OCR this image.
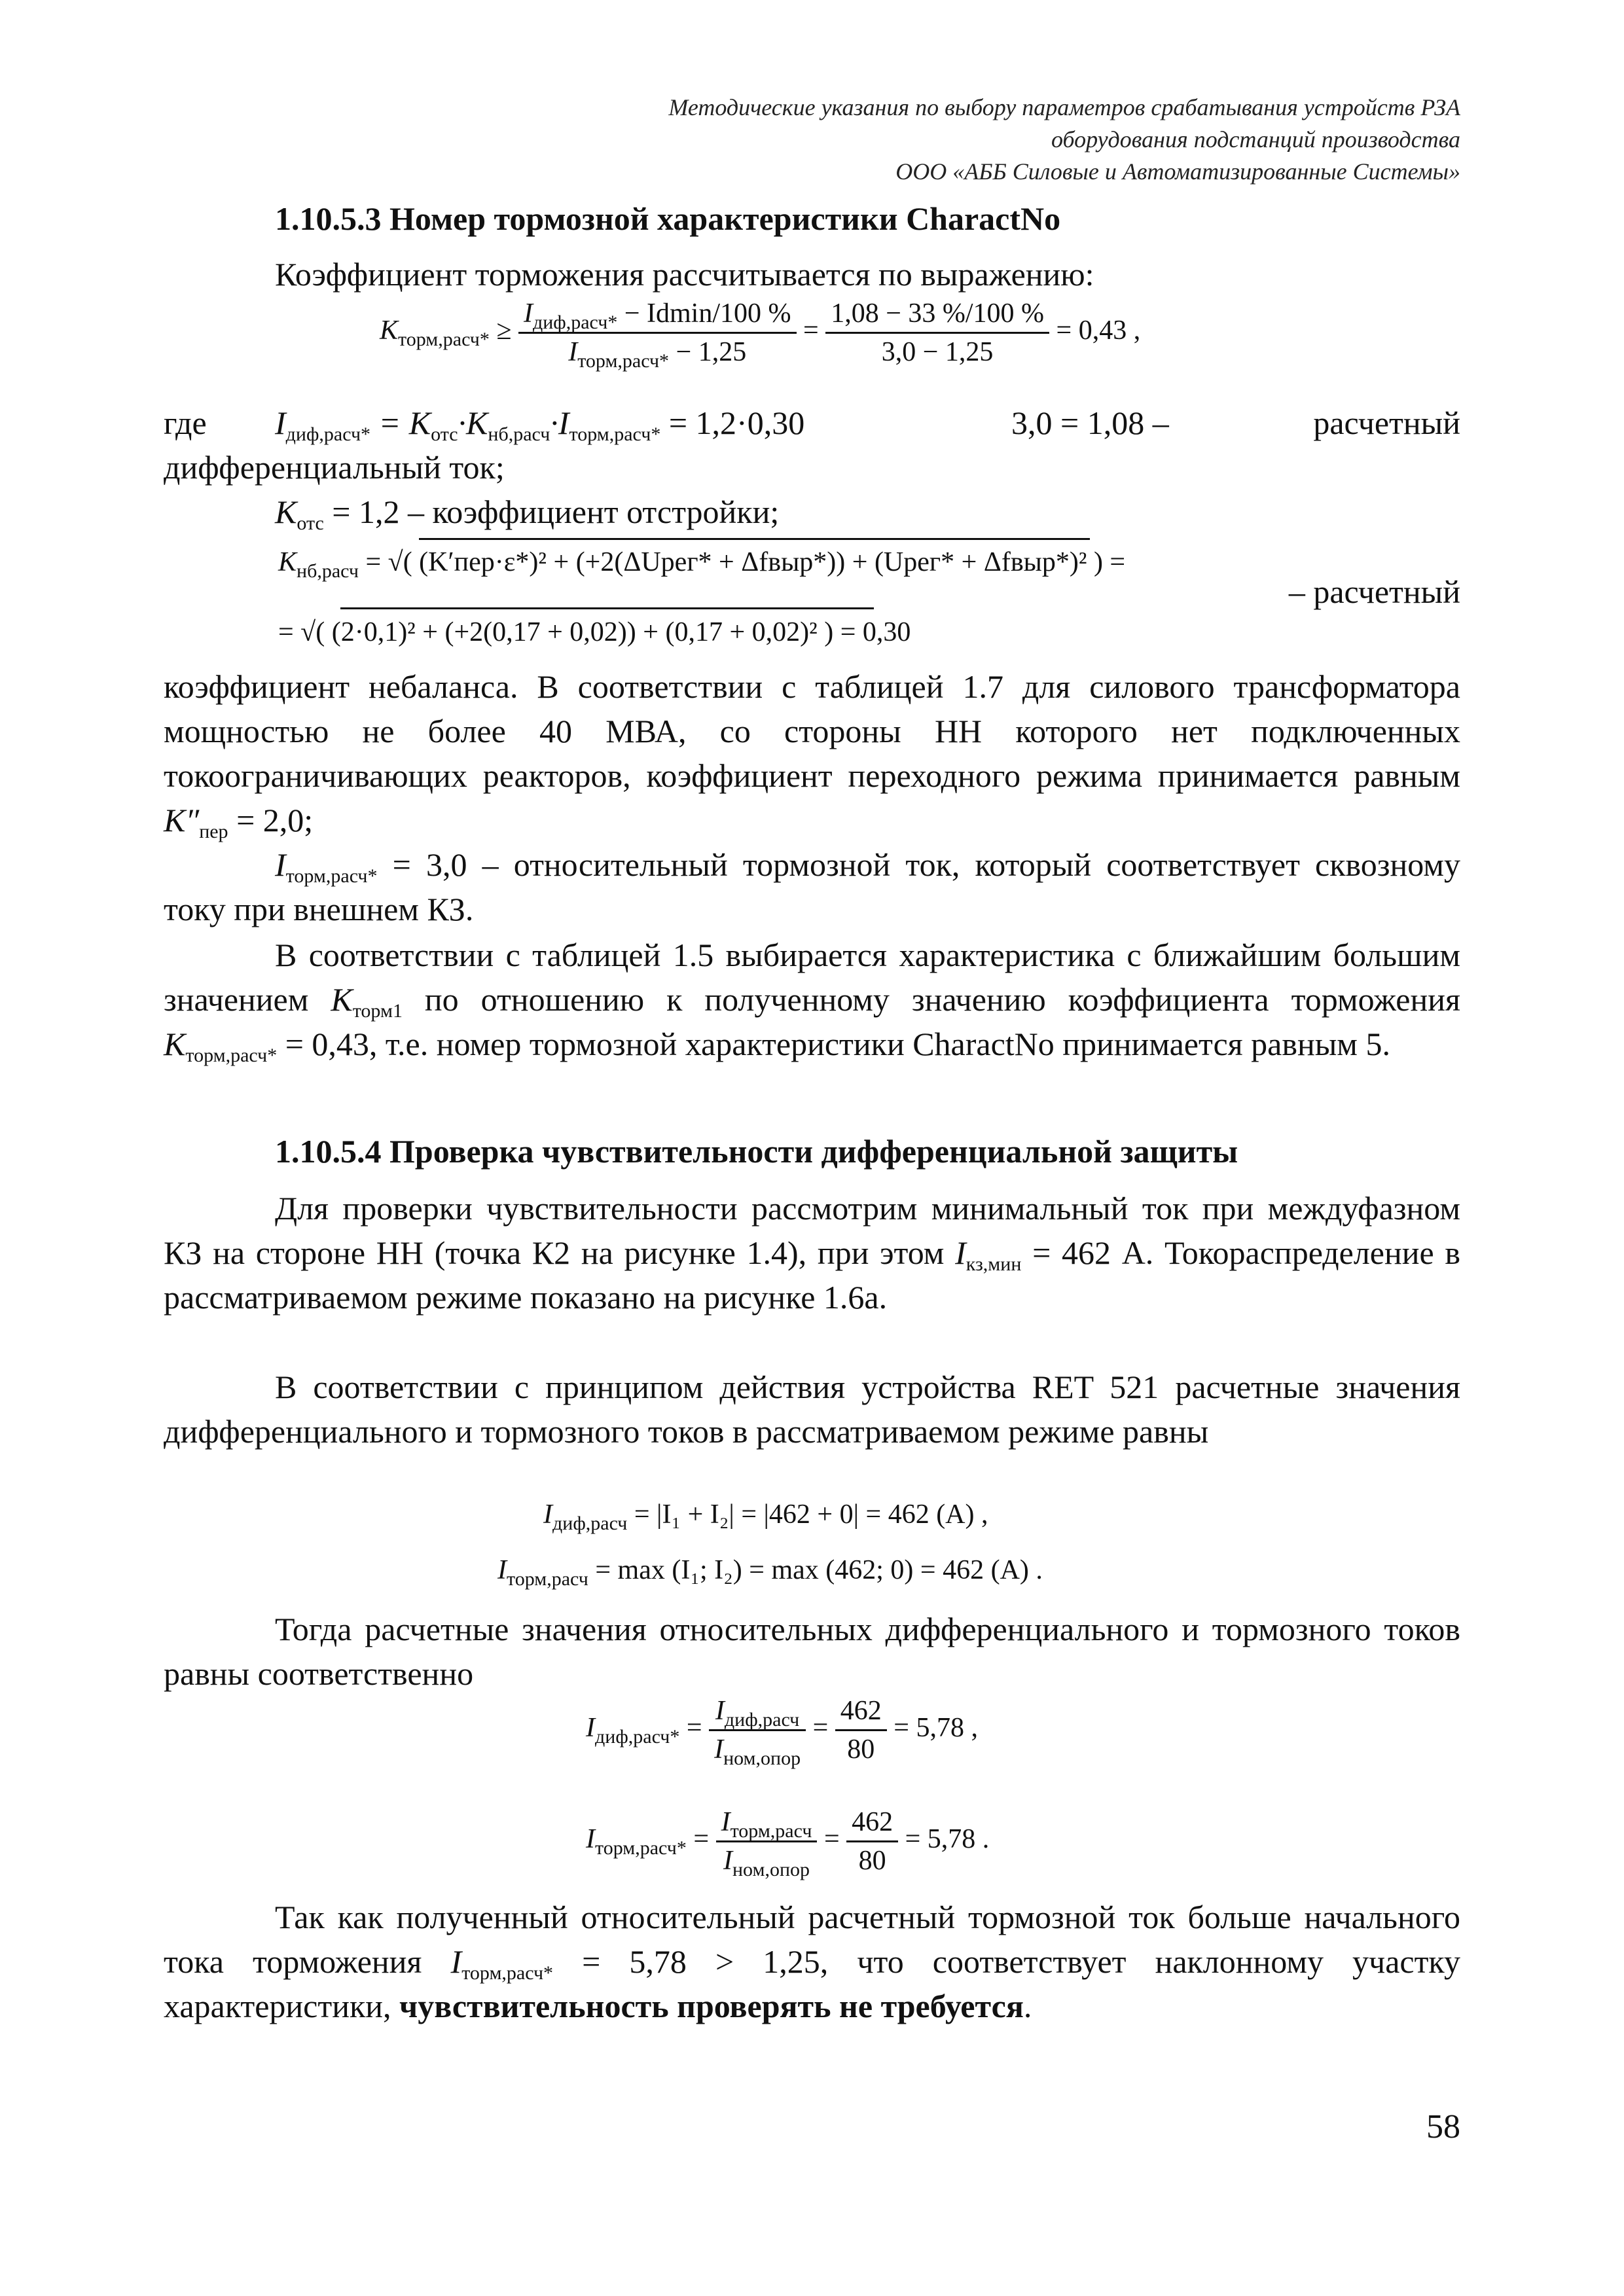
Методические указания по выбору параметров срабатывания устройств РЗА
оборудования подстанций производства
ООО «АББ Силовые и Автоматизированные Системы»
1.10.5.3 Номер тормозной характеристики CharactNo
Коэффициент торможения рассчитывается по выражению:
$K_{торм,расч*} \ge \frac{I_{диф,расч*} - Idmin/100 \%}{I_{торм,расч*} - 1,25} = \frac{1,08 - 33 \%/100 \%}{3,0 - 1,25} = 0,43$ ,
где $I_{диф,расч*} = K_{отс}\cdot K_{нб,расч}\cdot I_{торм,расч*} = 1,2\cdot 0,30$	3,0 = 1,08 –	расчетный
дифференциальный ток;
$K_{отс} = 1,2$ – коэффициент отстройки;
$K_{нб,расч}$ = √( (K′пер·ε*)² + (+2(ΔUрег* + Δfвыр*)) + (Uрег* + Δfвыр*)² ) =
– расчетный
= √( (2·0,1)² + (+2(0,17 + 0,02)) + (0,17 + 0,02)² ) = 0,30
коэффициент небаланса. В соответствии с таблицей 1.7 для силового трансформатора мощностью не более 40 МВА, со стороны НН которого нет подключенных токоограничивающих реакторов, коэффициент переходного режима принимается равным $K''_{пер} = 2,0$;
$I_{торм,расч*} = 3,0$ – относительный тормозной ток, который соответствует сквозному току при внешнем КЗ.
В соответствии с таблицей 1.5 выбирается характеристика с ближайшим большим значением $K_{торм1}$ по отношению к полученному значению коэффициента торможения $K_{торм,расч*} = 0,43$, т.е. номер тормозной характеристики CharactNo принимается равным 5.
1.10.5.4 Проверка чувствительности дифференциальной защиты
Для проверки чувствительности рассмотрим минимальный ток при междуфазном КЗ на стороне НН (точка К2 на рисунке 1.4), при этом $I_{кз,мин} = 462$ А. Токораспределение в рассматриваемом режиме показано на рисунке 1.6а.
В соответствии с принципом действия устройства RET 521 расчетные значения дифференциального и тормозного токов в рассматриваемом режиме равны
$I_{диф,расч} = |I_1 + I_2| = |462 + 0| = 462$ (А) ,
$I_{торм,расч} = \max (I_1$; I₂) = max (462; 0) = 462 (А) .
Тогда расчетные значения относительных дифференциального и тормозного токов равны соответственно
$I_{диф,расч*} = \frac{I_{диф,расч}}{I_{ном,опор}} = \frac{462}{80} = 5,78$ ,
$I_{торм,расч*} = \frac{I_{торм,расч}}{I_{ном,опор}} = \frac{462}{80} = 5,78$ .
Так как полученный относительный расчетный тормозной ток больше начального тока торможения $I_{торм,расч*} = 5,78 > 1,25$, что соответствует наклонному участку характеристики, чувствительность проверять не требуется.
58
